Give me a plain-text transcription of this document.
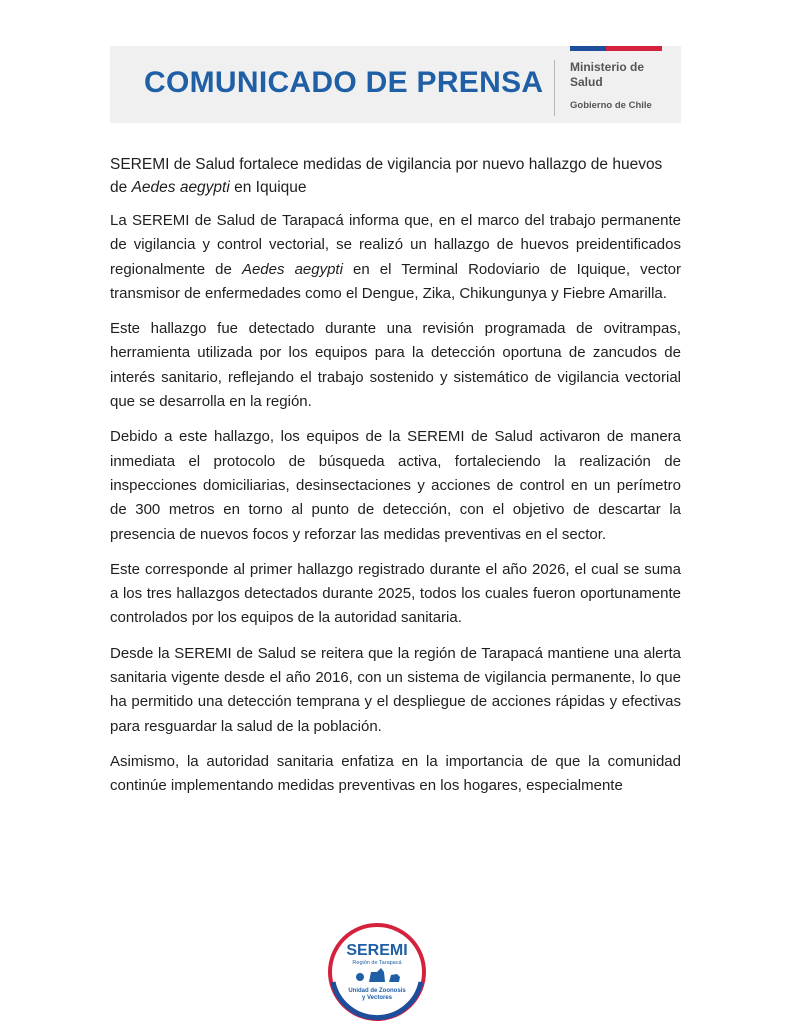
COMUNICADO DE PRENSA Ministerio de
Salud
Gobierno de Chile

SEREMI de Salud fortalece medidas de vigilancia por nuevo hallazgo de huevos de Aedes aegypti en Iquique

La SEREMI de Salud de Tarapacá informa que, en el marco del trabajo permanente de vigilancia y control vectorial, se realizó un hallazgo de huevos preidentificados regionalmente de Aedes aegypti en el Terminal Rodoviario de Iquique, vector transmisor de enfermedades como el Dengue, Zika, Chikungunya y Fiebre Amarilla.

Este hallazgo fue detectado durante una revisión programada de ovitrampas, herramienta utilizada por los equipos para la detección oportuna de zancudos de interés sanitario, reflejando el trabajo sostenido y sistemático de vigilancia vectorial que se desarrolla en la región.

Debido a este hallazgo, los equipos de la SEREMI de Salud activaron de manera inmediata el protocolo de búsqueda activa, fortaleciendo la realización de inspecciones domiciliarias, desinsectaciones y acciones de control en un perímetro de 300 metros en torno al punto de detección, con el objetivo de descartar la presencia de nuevos focos y reforzar las medidas preventivas en el sector.

Este corresponde al primer hallazgo registrado durante el año 2026, el cual se suma a los tres hallazgos detectados durante 2025, todos los cuales fueron oportunamente controlados por los equipos de la autoridad sanitaria.

Desde la SEREMI de Salud se reitera que la región de Tarapacá mantiene una alerta sanitaria vigente desde el año 2016, con un sistema de vigilancia permanente, lo que ha permitido una detección temprana y el despliegue de acciones rápidas y efectivas para resguardar la salud de la población.

Asimismo, la autoridad sanitaria enfatiza en la importancia de que la comunidad continúe implementando medidas preventivas en los hogares, especialmente

SEREMI
Región de Tarapacá
Unidad de Zoonosis
y Vectores
